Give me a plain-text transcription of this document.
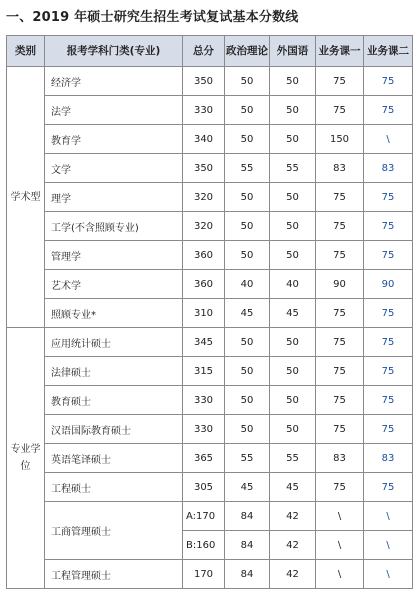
一、2019 年硕士研究生招生考试复试基本分数线
类别	报考学科门类(专业)	总分	政治理论	外国语	业务课一	业务课二
学术型	经济学	350	50	50	75	75
	法学	330	50	50	75	75
	教育学	340	50	50	150	\
	文学	350	55	55	83	83
	理学	320	50	50	75	75
	工学(不含照顾专业)	320	50	50	75	75
	管理学	360	50	50	75	75
	艺术学	360	40	40	90	90
	照顾专业*	310	45	45	75	75
专业学位	应用统计硕士	345	50	50	75	75
	法律硕士	315	50	50	75	75
	教育硕士	330	50	50	75	75
	汉语国际教育硕士	330	50	50	75	75
	英语笔译硕士	365	55	55	83	83
	工程硕士	305	45	45	75	75
	工商管理硕士	A:170	84	42	\	\
		B:160	84	42	\	\
	工程管理硕士	170	84	42	\	\
